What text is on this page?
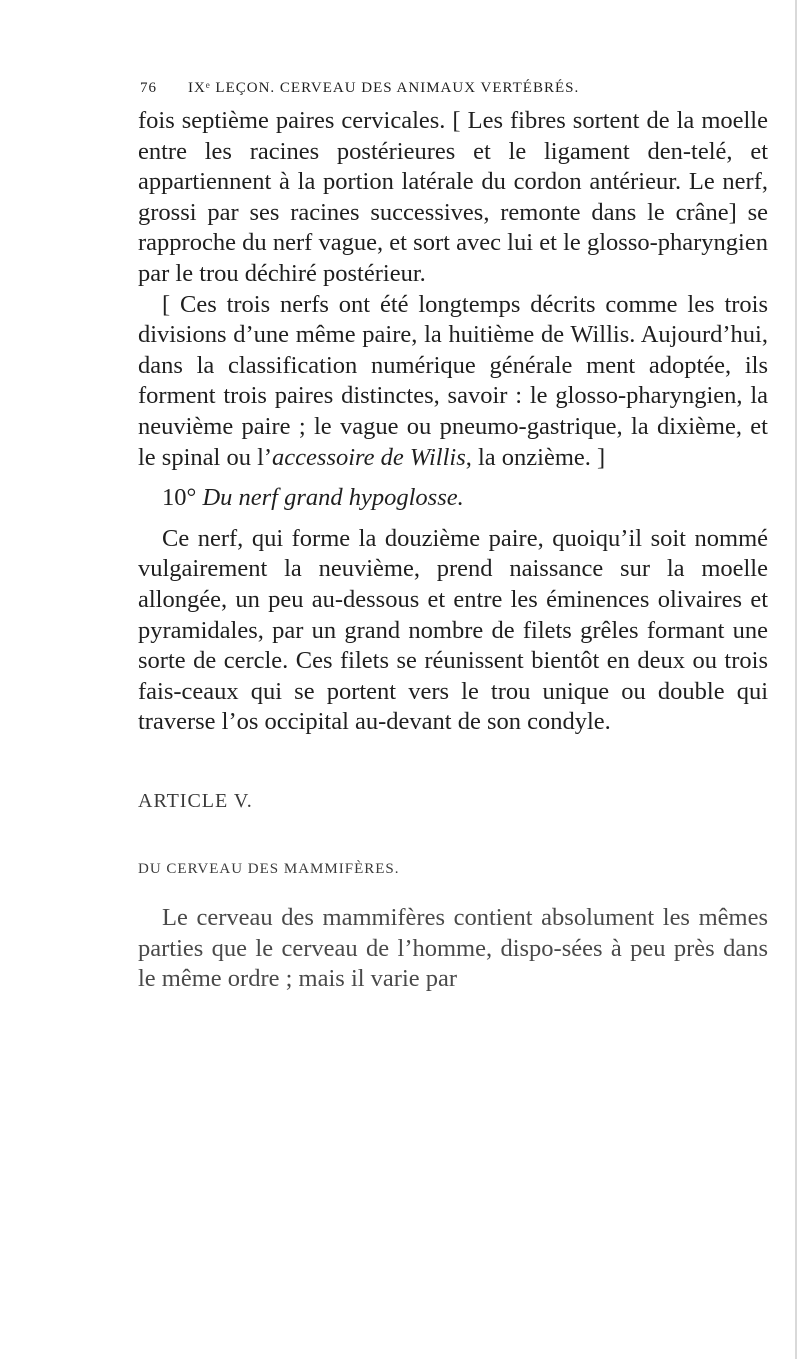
76 IXᵉ LEÇON. CERVEAU DES ANIMAUX VERTÉBRÉS.

fois septième paires cervicales. [ Les fibres sortent de la moelle entre les racines postérieures et le ligament den-telé, et appartiennent à la portion latérale du cordon antérieur. Le nerf, grossi par ses racines successives, remonte dans le crâne] se rapproche du nerf vague, et sort avec lui et le glosso-pharyngien par le trou déchiré postérieur.

[ Ces trois nerfs ont été longtemps décrits comme les trois divisions d’une même paire, la huitième de Willis. Aujourd’hui, dans la classification numérique générale ment adoptée, ils forment trois paires distinctes, savoir : le glosso-pharyngien, la neuvième paire ; le vague ou pneumo-gastrique, la dixième, et le spinal ou l’accessoire de Willis, la onzième. ]

10° Du nerf grand hypoglosse.

Ce nerf, qui forme la douzième paire, quoiqu’il soit nommé vulgairement la neuvième, prend naissance sur la moelle allongée, un peu au-dessous et entre les éminences olivaires et pyramidales, par un grand nombre de filets grêles formant une sorte de cercle. Ces filets se réunissent bientôt en deux ou trois fais-ceaux qui se portent vers le trou unique ou double qui traverse l’os occipital au-devant de son condyle.

ARTICLE V.

DU CERVEAU DES MAMMIFÈRES.

Le cerveau des mammifères contient absolument les mêmes parties que le cerveau de l’homme, dispo-sées à peu près dans le même ordre ; mais il varie par
